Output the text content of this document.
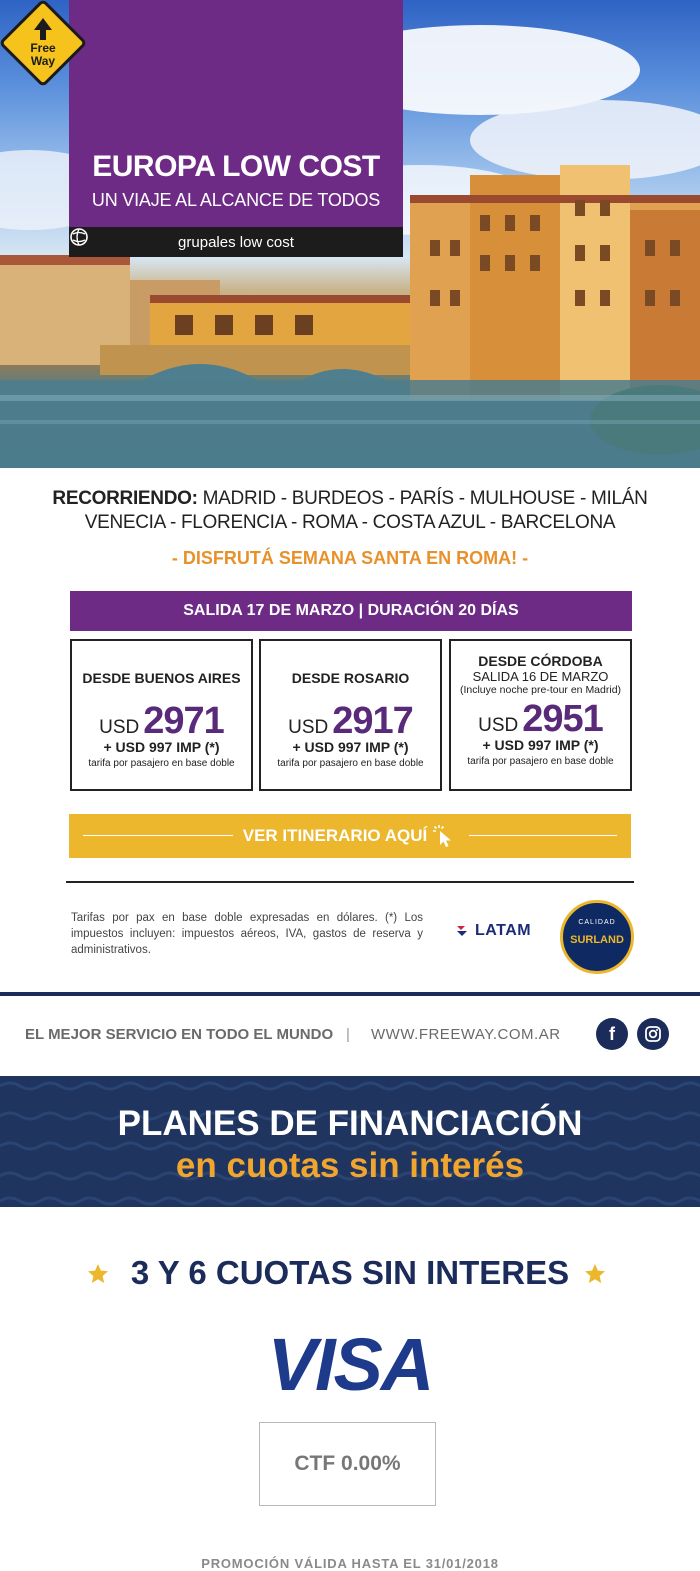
Free
Way
EUROPA LOW COST
UN VIAJE AL ALCANCE DE TODOS
grupales low cost
RECORRIENDO: MADRID - BURDEOS - PARÍS - MULHOUSE - MILÁN
VENECIA - FLORENCIA - ROMA - COSTA AZUL - BARCELONA
- DISFRUTÁ SEMANA SANTA EN ROMA! -
SALIDA 17 DE MARZO | DURACIÓN 20 DÍAS
DESDE BUENOS AIRES
USD 2971
+ USD 997 IMP (*)
tarifa por pasajero en base doble
DESDE ROSARIO
USD 2917
+ USD 997 IMP (*)
tarifa por pasajero en base doble
DESDE CÓRDOBA
SALIDA 16 DE MARZO
(Incluye noche pre-tour en Madrid)
USD 2951
+ USD 997 IMP (*)
tarifa por pasajero en base doble
VER ITINERARIO AQUÍ
Tarifas por pax en base doble expresadas en dólares. (*) Los impuestos incluyen: impuestos aéreos, IVA, gastos de reserva y administrativos.
LATAM	CALIDAD
SURLAND
EL MEJOR SERVICIO EN TODO EL MUNDO | WWW.FREEWAY.COM.AR	f
PLANES DE FINANCIACIÓN
en cuotas sin interés
3 Y 6 CUOTAS SIN INTERES
VISA
CTF 0.00%
PROMOCIÓN VÁLIDA HASTA EL 31/01/2018
